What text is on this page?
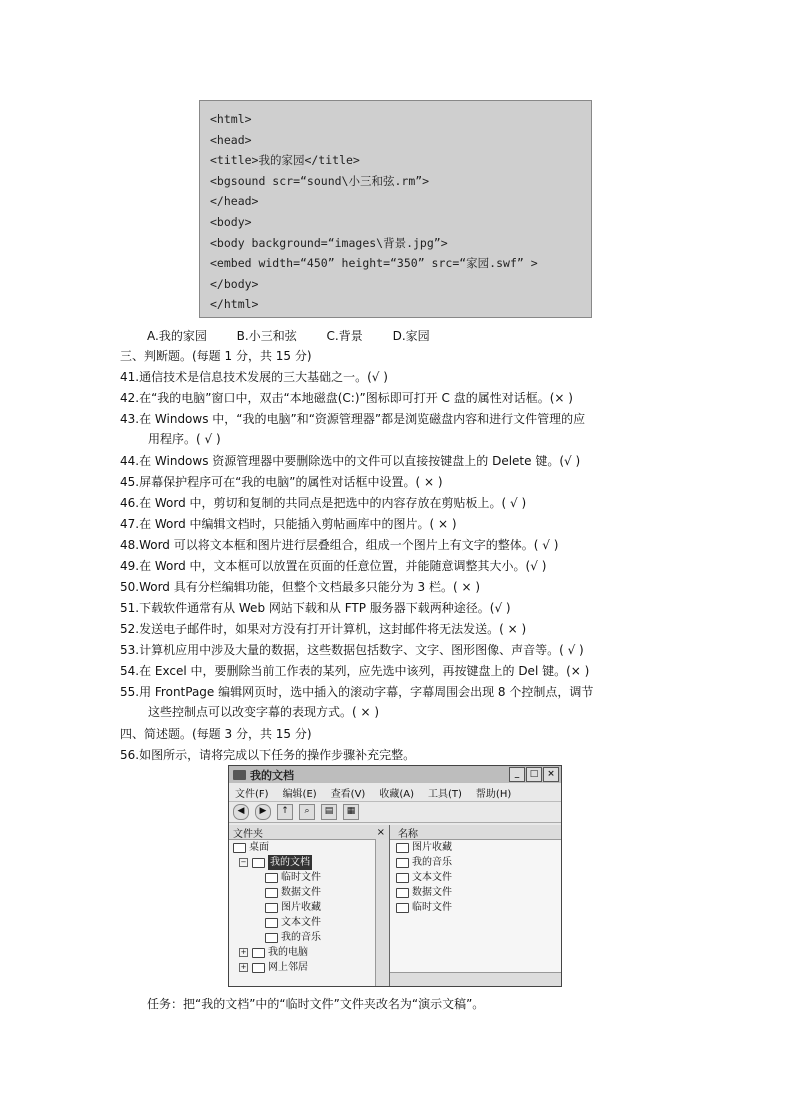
<html>
<head>
<title>我的家园</title>
<bgsound scr=“sound\小三和弦.rm”>
</head>
<body>
<body background=“images\背景.jpg”>
<embed width=“450” height=“350” src=“家园.swf” >
</body>
</html>
A.我的家园 B.小三和弦 C.背景 D.家园
三、判断题。(每题 1 分，共 15 分)
41.通信技术是信息技术发展的三大基础之一。(√ )
42.在“我的电脑”窗口中，双击“本地磁盘(C:)”图标即可打开 C 盘的属性对话框。(× )
43.在 Windows 中，“我的电脑”和“资源管理器”都是浏览磁盘内容和进行文件管理的应
用程序。( √ )
44.在 Windows 资源管理器中要删除选中的文件可以直接按键盘上的 Delete 键。(√ )
45.屏幕保护程序可在“我的电脑”的属性对话框中设置。( × )
46.在 Word 中，剪切和复制的共同点是把选中的内容存放在剪贴板上。( √ )
47.在 Word 中编辑文档时，只能插入剪帖画库中的图片。( × )
48.Word 可以将文本框和图片进行层叠组合，组成一个图片上有文字的整体。( √ )
49.在 Word 中，文本框可以放置在页面的任意位置，并能随意调整其大小。(√ )
50.Word 具有分栏编辑功能，但整个文档最多只能分为 3 栏。( × )
51.下载软件通常有从 Web 网站下载和从 FTP 服务器下载两种途径。(√ )
52.发送电子邮件时，如果对方没有打开计算机，这封邮件将无法发送。( × )
53.计算机应用中涉及大量的数据，这些数据包括数字、文字、图形图像、声音等。( √ )
54.在 Excel 中，要删除当前工作表的某列，应先选中该列，再按键盘上的 Del 键。(× )
55.用 FrontPage 编辑网页时，选中插入的滚动字幕，字幕周围会出现 8 个控制点，调节
这些控制点可以改变字幕的表现方式。( × )
四、简述题。(每题 3 分，共 15 分)
56.如图所示，请将完成以下任务的操作步骤补充完整。
我的文档	_	□ ×
文件(F) 编辑(E) 查看(V) 收藏(A) 工具(T) 帮助(H)
◀	▶	↑	⌕	▤	▦
文件夹	×
桌面
− 我的文档
临时文件
数据文件
图片收藏
文本文件
我的音乐
+ 我的电脑
+ 网上邻居
名称
图片收藏
我的音乐
文本文件
数据文件
临时文件
任务：把“我的文档”中的“临时文件”文件夹改名为“演示文稿”。
